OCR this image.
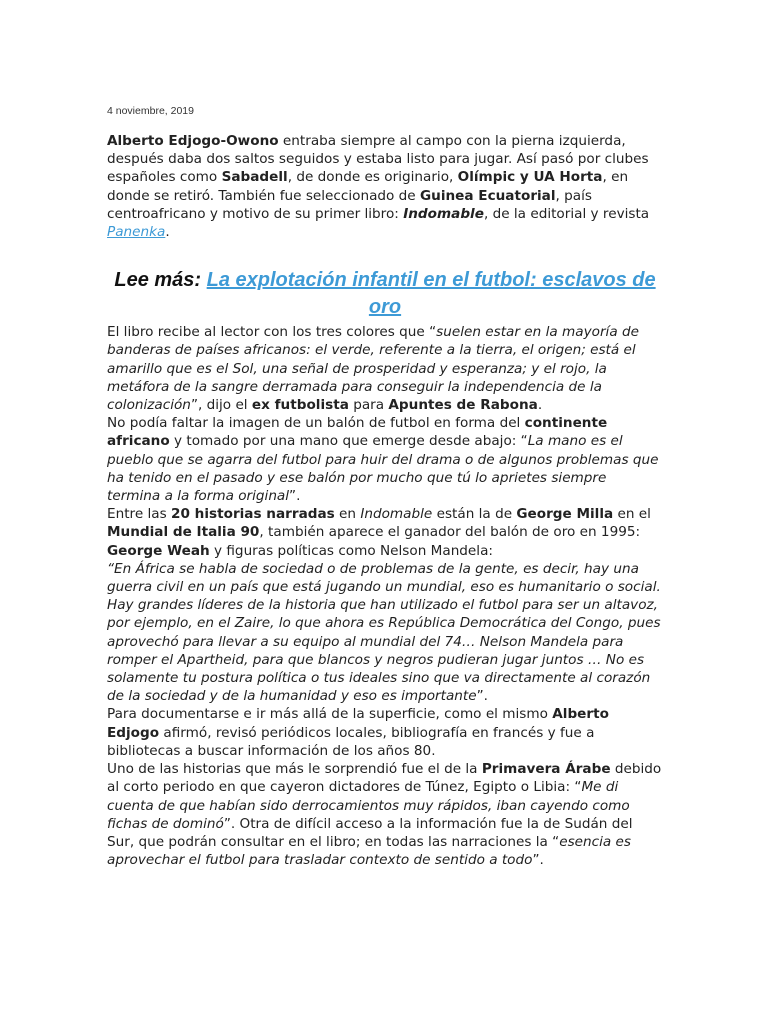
4 noviembre, 2019

Alberto Edjogo-Owono entraba siempre al campo con la pierna izquierda, después daba dos saltos seguidos y estaba listo para jugar. Así pasó por clubes españoles como Sabadell, de donde es originario, Olímpic y UA Horta, en donde se retiró. También fue seleccionado de Guinea Ecuatorial, país centroafricano y motivo de su primer libro: Indomable, de la editorial y revista Panenka.

Lee más: La explotación infantil en el futbol: esclavos de oro

El libro recibe al lector con los tres colores que “suelen estar en la mayoría de banderas de países africanos: el verde, referente a la tierra, el origen; está el amarillo que es el Sol, una señal de prosperidad y esperanza; y el rojo, la metáfora de la sangre derramada para conseguir la independencia de la colonización”, dijo el ex futbolista para Apuntes de Rabona.

No podía faltar la imagen de un balón de futbol en forma del continente africano y tomado por una mano que emerge desde abajo: “La mano es el pueblo que se agarra del futbol para huir del drama o de algunos problemas que ha tenido en el pasado y ese balón por mucho que tú lo aprietes siempre termina a la forma original”.

Entre las 20 historias narradas en Indomable están la de George Milla en el Mundial de Italia 90, también aparece el ganador del balón de oro en 1995: George Weah y figuras políticas como Nelson Mandela:

“En África se habla de sociedad o de problemas de la gente, es decir, hay una guerra civil en un país que está jugando un mundial, eso es humanitario o social. Hay grandes líderes de la historia que han utilizado el futbol para ser un altavoz, por ejemplo, en el Zaire, lo que ahora es República Democrática del Congo, pues aprovechó para llevar a su equipo al mundial del 74… Nelson Mandela para romper el Apartheid, para que blancos y negros pudieran jugar juntos … No es solamente tu postura política o tus ideales sino que va directamente al corazón de la sociedad y de la humanidad y eso es importante”.

Para documentarse e ir más allá de la superficie, como el mismo Alberto Edjogo afirmó, revisó periódicos locales, bibliografía en francés y fue a bibliotecas a buscar información de los años 80.

Uno de las historias que más le sorprendió fue el de la Primavera Árabe debido al corto periodo en que cayeron dictadores de Túnez, Egipto o Libia: “Me di cuenta de que habían sido derrocamientos muy rápidos, iban cayendo como fichas de dominó”. Otra de difícil acceso a la información fue la de Sudán del Sur, que podrán consultar en el libro; en todas las narraciones la “esencia es aprovechar el futbol para trasladar contexto de sentido a todo”.
